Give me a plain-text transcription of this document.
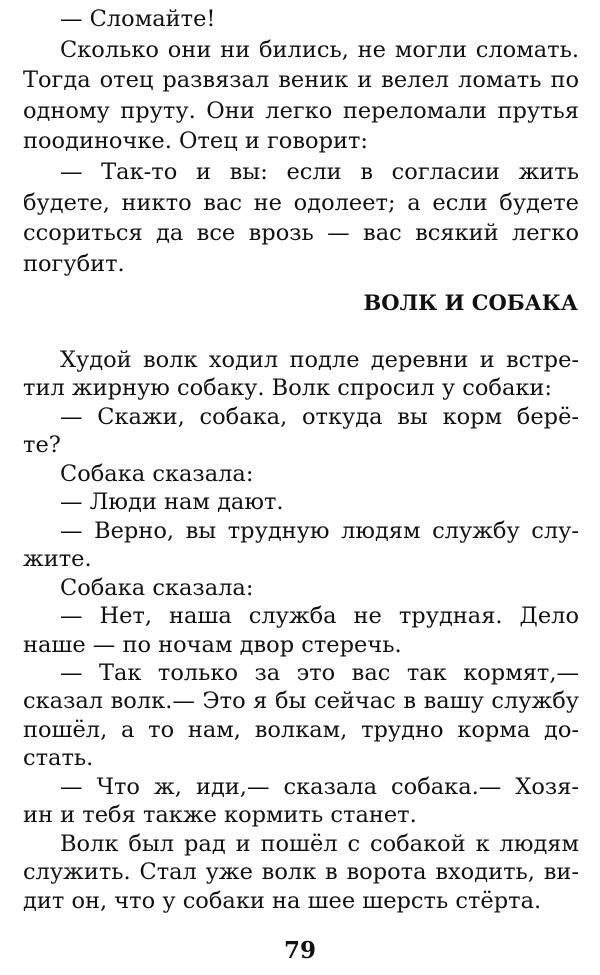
— Сломайте!
Сколько они ни бились, не могли сломать.
Тогда отец развязал веник и велел ломать по
одному пруту. Они легко переломали прутья
поодиночке. Отец и говорит:
— Так-то и вы: если в согласии жить
будете, никто вас не одолеет; а если будете
ссориться да все врозь — вас всякий легко
погубит.
ВОЛК И СОБАКА
Худой волк ходил подле деревни и встре-
тил жирную собаку. Волк спросил у собаки:
— Скажи, собака, откуда вы корм берё-
те?
Собака сказала:
— Люди нам дают.
— Верно, вы трудную людям службу слу-
жите.
Собака сказала:
— Нет, наша служба не трудная. Дело
наше — по ночам двор стеречь.
— Так только за это вас так кормят,—
сказал волк.— Это я бы сейчас в вашу службу
пошёл, а то нам, волкам, трудно корма до-
стать.
— Что ж, иди,— сказала собака.— Хозя-
ин и тебя также кормить станет.
Волк был рад и пошёл с собакой к людям
служить. Стал уже волк в ворота входить, ви-
дит он, что у собаки на шее шерсть стёрта.
79
